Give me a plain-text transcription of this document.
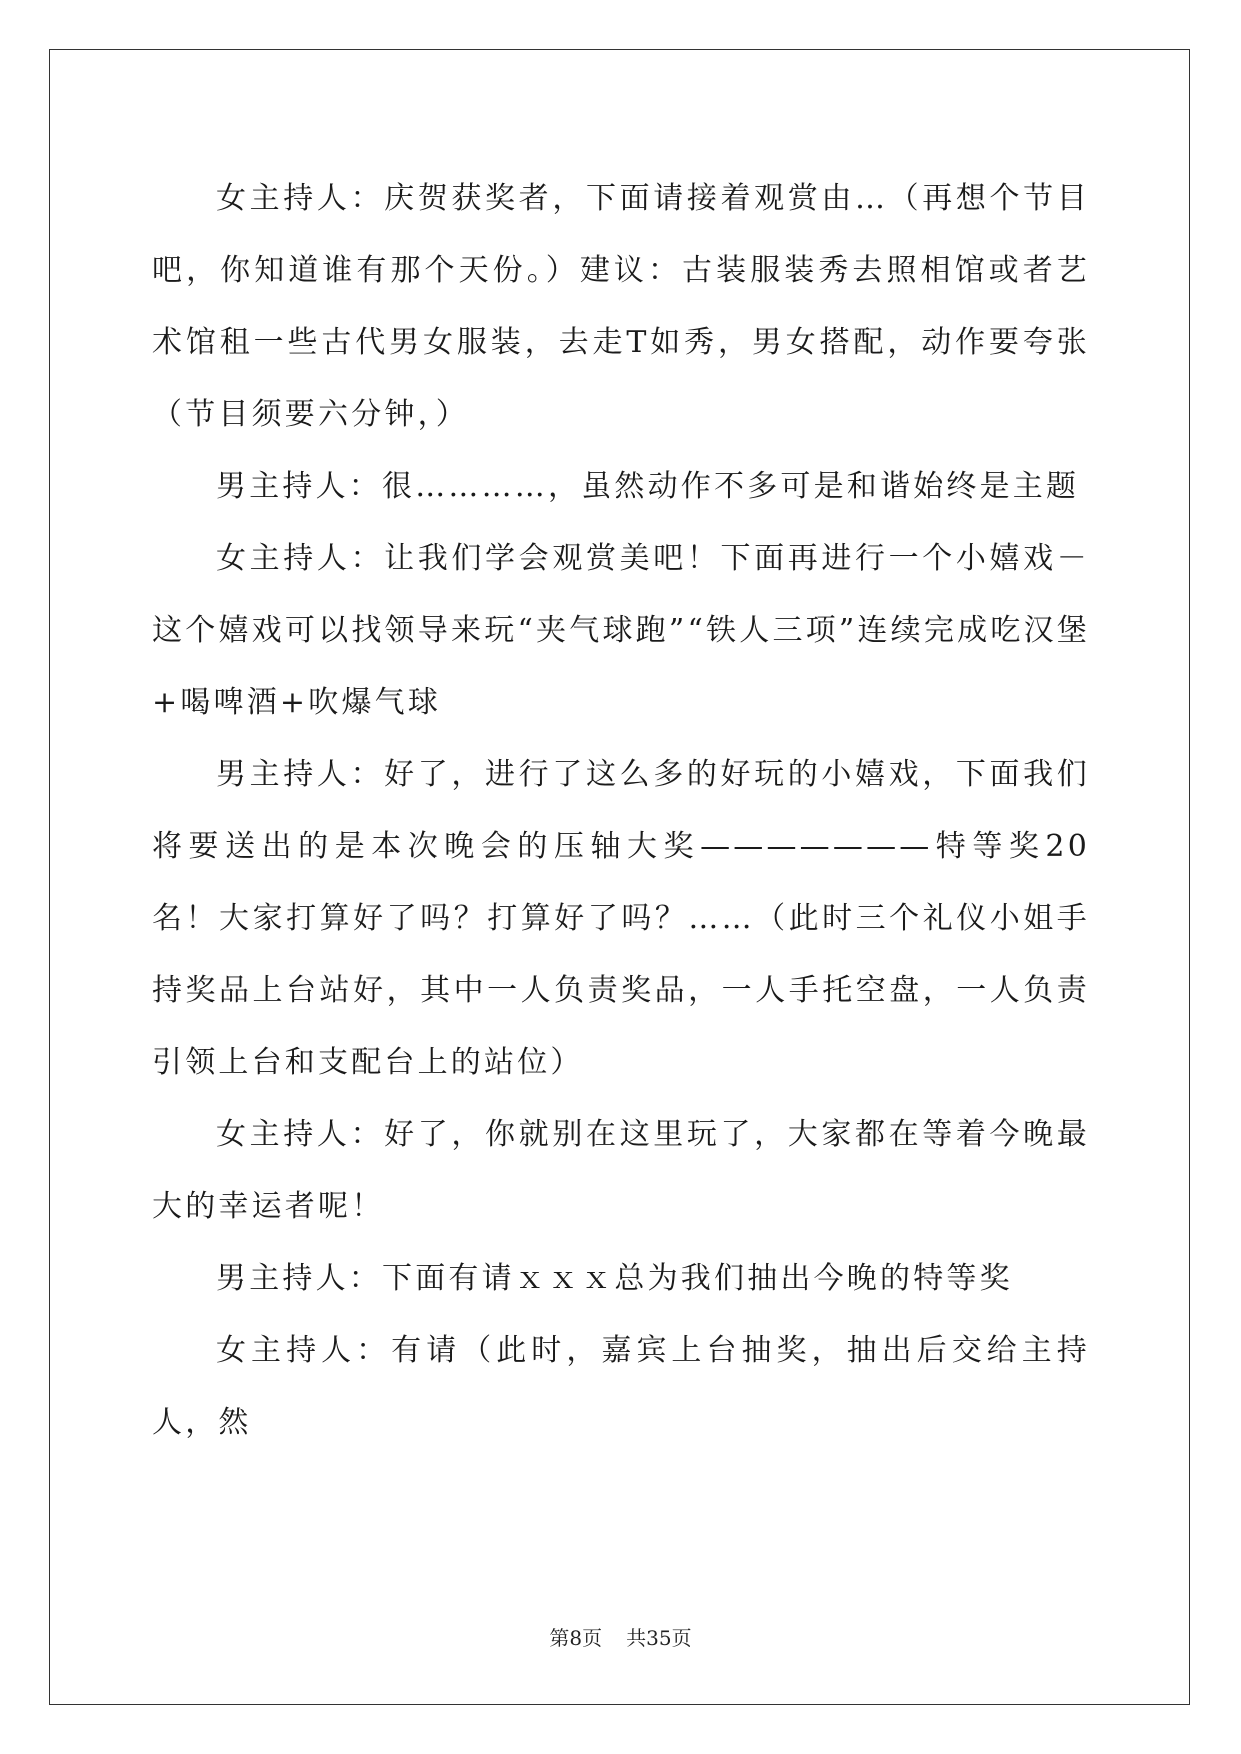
女主持人：庆贺获奖者，下面请接着观赏由…（再想个节目吧，你知道谁有那个天份。）建议：古装服装秀去照相馆或者艺术馆租一些古代男女服装，去走T如秀，男女搭配，动作要夸张（节目须要六分钟，）

男主持人：很…………，虽然动作不多可是和谐始终是主题

女主持人：让我们学会观赏美吧！下面再进行一个小嬉戏－这个嬉戏可以找领导来玩“夹气球跑”“铁人三项”连续完成吃汉堡+喝啤酒+吹爆气球

男主持人：好了，进行了这么多的好玩的小嬉戏，下面我们将要送出的是本次晚会的压轴大奖———————特等奖20名！大家打算好了吗？打算好了吗？……（此时三个礼仪小姐手持奖品上台站好，其中一人负责奖品，一人手托空盘，一人负责引领上台和支配台上的站位）

女主持人：好了，你就别在这里玩了，大家都在等着今晚最大的幸运者呢！

男主持人：下面有请ｘｘｘ总为我们抽出今晚的特等奖

女主持人：有请（此时，嘉宾上台抽奖，抽出后交给主持人，然

第8页 共35页
